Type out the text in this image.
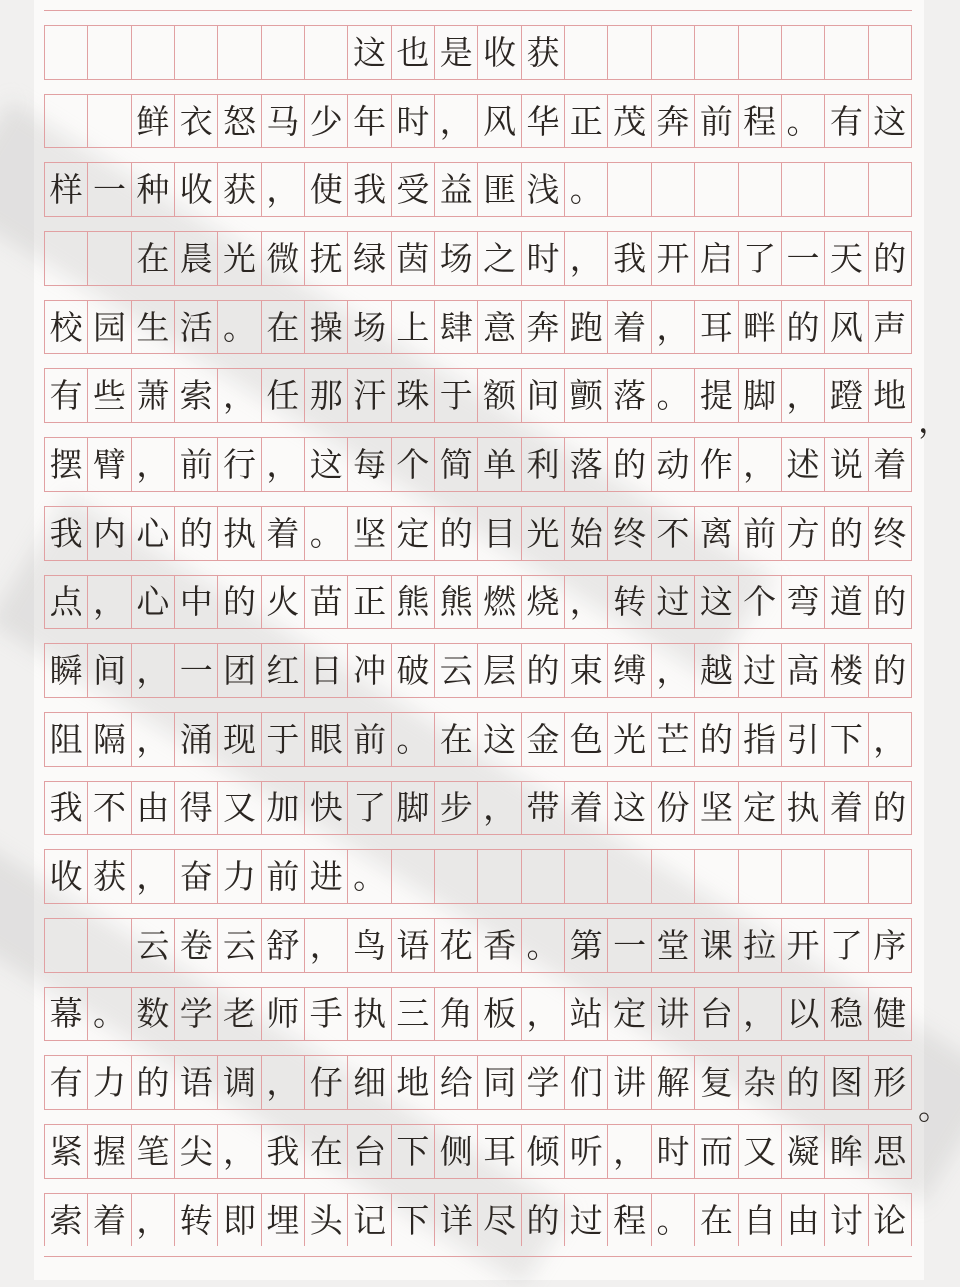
这 也 是 收 获
鲜 衣 怒 马 少 年 时 ， 风 华 正 茂 奔 前 程 。 有 这
样 一 种 收 获 ， 使 我 受 益 匪 浅 。
在 晨 光 微 抚 绿 茵 场 之 时 ， 我 开 启 了 一 天 的
校 园 生 活 。 在 操 场 上 肆 意 奔 跑 着 ， 耳 畔 的 风 声
有 些 萧 索 ， 任 那 汗 珠 于 额 间 颤 落 。 提 脚 ， 蹬 地
摆 臂 ， 前 行 ， 这 每 个 简 单 利 落 的 动 作 ， 述 说 着
我 内 心 的 执 着 。 坚 定 的 目 光 始 终 不 离 前 方 的 终
点 ， 心 中 的 火 苗 正 熊 熊 燃 烧 ， 转 过 这 个 弯 道 的
瞬 间 ， 一 团 红 日 冲 破 云 层 的 束 缚 ， 越 过 高 楼 的
阻 隔 ， 涌 现 于 眼 前 。 在 这 金 色 光 芒 的 指 引 下 ，
我 不 由 得 又 加 快 了 脚 步 ， 带 着 这 份 坚 定 执 着 的
收 获 ， 奋 力 前 进 。
云 卷 云 舒 ， 鸟 语 花 香 。 第 一 堂 课 拉 开 了 序
幕 。 数 学 老 师 手 执 三 角 板 ， 站 定 讲 台 ， 以 稳 健
有 力 的 语 调 ， 仔 细 地 给 同 学 们 讲 解 复 杂 的 图 形
紧 握 笔 尖 ， 我 在 台 下 侧 耳 倾 听 ， 时 而 又 凝 眸 思
索 着 ， 转 即 埋 头 记 下 详 尽 的 过 程 。 在 自 由 讨 论
，
。
